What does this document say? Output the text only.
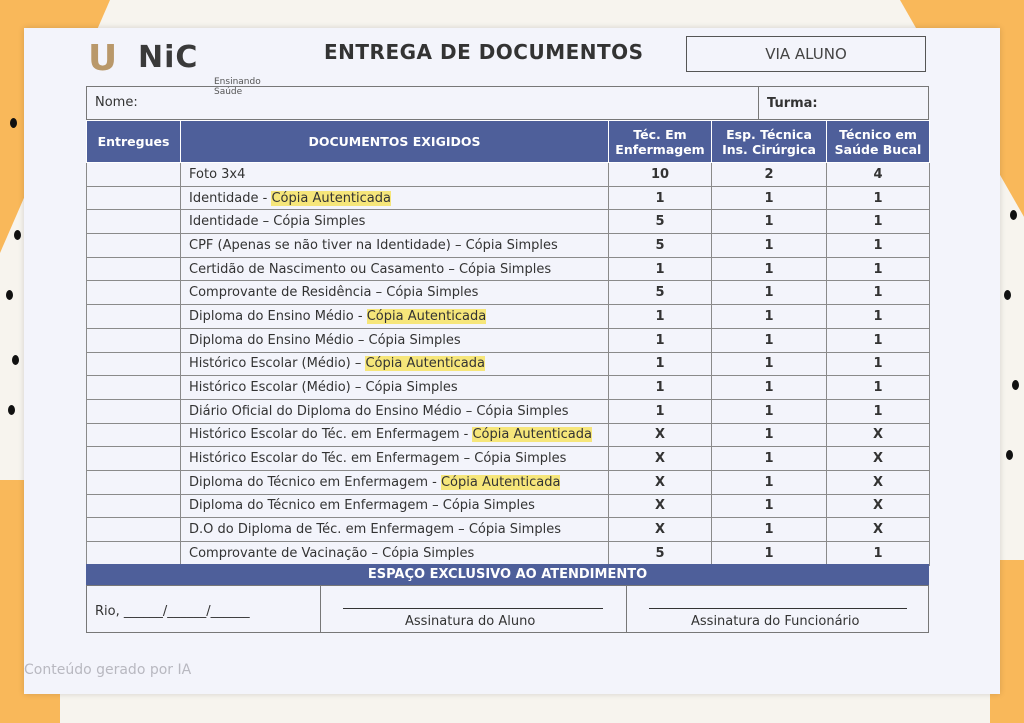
U NiC
Ensinando Saúde
ENTREGA DE DOCUMENTOS	VIA ALUNO
Nome:	Turma:
Entregues	DOCUMENTOS EXIGIDOS	Téc. Em Enfermagem	Esp. Técnica Ins. Cirúrgica	Técnico em Saúde Bucal
	Foto 3x4	10	2	4
	Identidade - Cópia Autenticada	1	1	1
	Identidade – Cópia Simples	5	1	1
	CPF (Apenas se não tiver na Identidade) – Cópia Simples	5	1	1
	Certidão de Nascimento ou Casamento – Cópia Simples	1	1	1
	Comprovante de Residência – Cópia Simples	5	1	1
	Diploma do Ensino Médio - Cópia Autenticada	1	1	1
	Diploma do Ensino Médio – Cópia Simples	1	1	1
	Histórico Escolar (Médio) – Cópia Autenticada	1	1	1
	Histórico Escolar (Médio) – Cópia Simples	1	1	1
	Diário Oficial do Diploma do Ensino Médio – Cópia Simples	1	1	1
	Histórico Escolar do Téc. em Enfermagem - Cópia Autenticada	X	1	X
	Histórico Escolar do Téc. em Enfermagem – Cópia Simples	X	1	X
	Diploma do Técnico em Enfermagem - Cópia Autenticada	X	1	X
	Diploma do Técnico em Enfermagem – Cópia Simples	X	1	X
	D.O do Diploma de Téc. em Enfermagem – Cópia Simples	X	1	X
	Comprovante de Vacinação – Cópia Simples	5	1	1
ESPAÇO EXCLUSIVO AO ATENDIMENTO
Rio, ______/______/______
Assinatura do Aluno	Assinatura do Funcionário
Conteúdo gerado por IA
